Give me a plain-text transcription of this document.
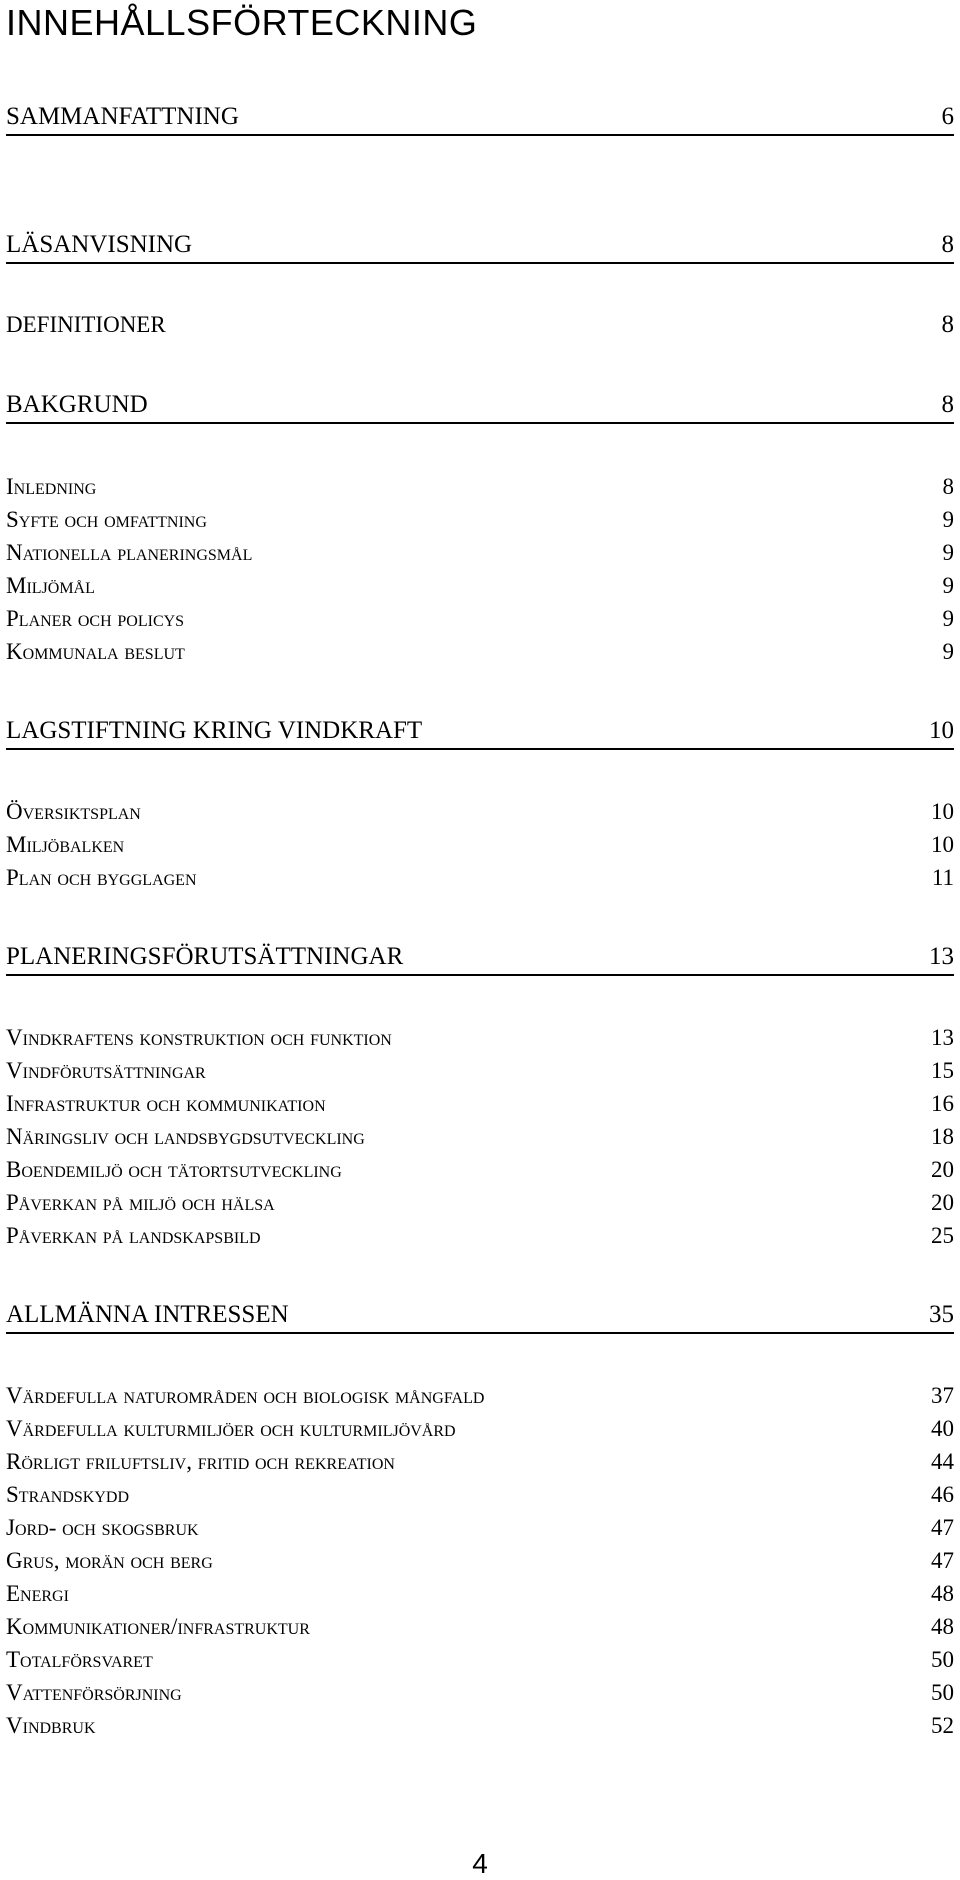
INNEHÅLLSFÖRTECKNING
SAMMANFATTNING	6
LÄSANVISNING	8
DEFINITIONER	8
BAKGRUND	8
Inledning	8
Syfte och omfattning	9
Nationella planeringsmål	9
Miljömål	9
Planer och policys	9
Kommunala beslut	9
LAGSTIFTNING KRING VINDKRAFT	10
Översiktsplan	10
Miljöbalken	10
Plan och bygglagen	11
PLANERINGSFÖRUTSÄTTNINGAR	13
Vindkraftens konstruktion och funktion	13
Vindförutsättningar	15
Infrastruktur och kommunikation	16
Näringsliv och landsbygdsutveckling	18
Boendemiljö och tätortsutveckling	20
Påverkan på miljö och hälsa	20
Påverkan på landskapsbild	25
ALLMÄNNA INTRESSEN	35
Värdefulla naturområden och biologisk mångfald	37
Värdefulla kulturmiljöer och kulturmiljövård	40
Rörligt friluftsliv, fritid och rekreation	44
Strandskydd	46
Jord- och skogsbruk	47
Grus, morän och berg	47
Energi	48
Kommunikationer/infrastruktur	48
Totalförsvaret	50
Vattenförsörjning	50
Vindbruk	52
4
